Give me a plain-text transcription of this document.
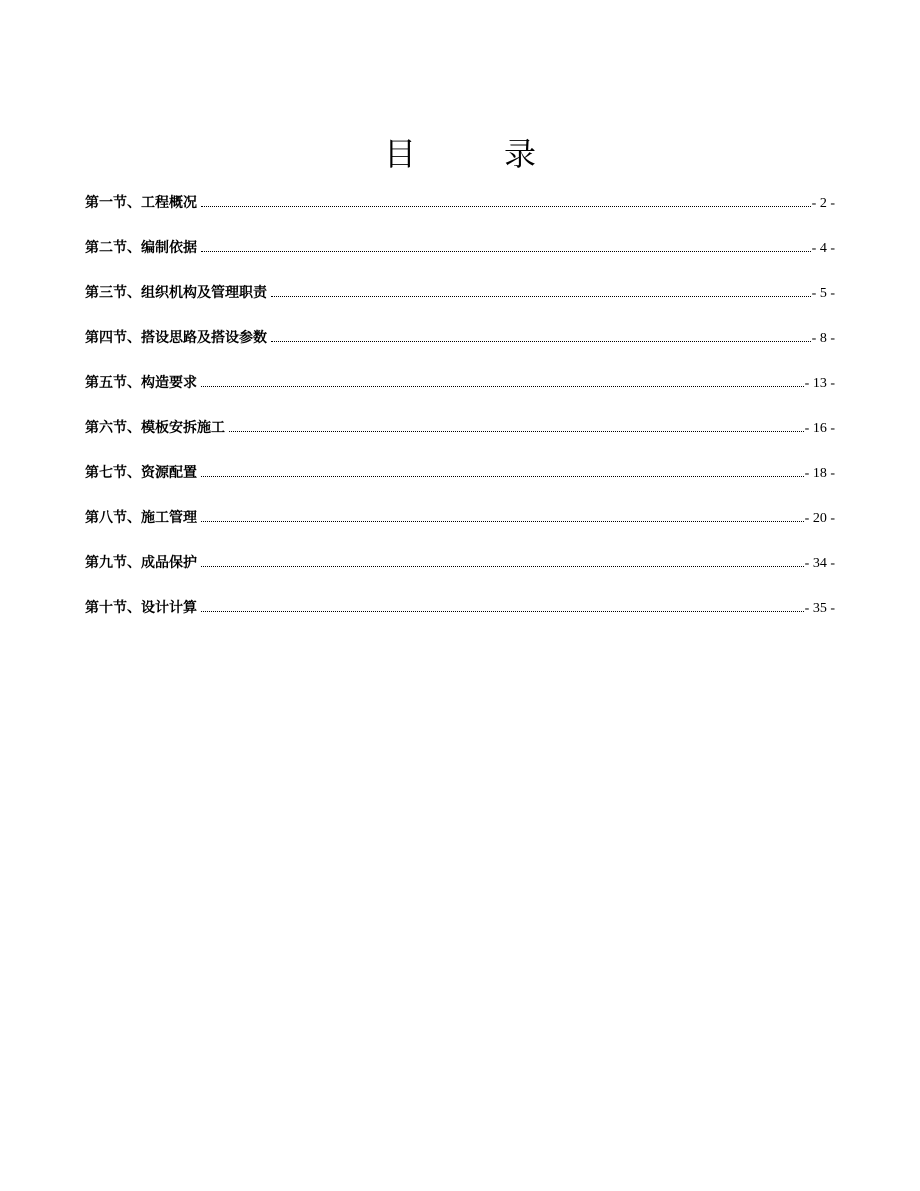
目	录
第一节、工程概况	- 2 -
第二节、编制依据	- 4 -
第三节、组织机构及管理职责	- 5 -
第四节、搭设思路及搭设参数	- 8 -
第五节、构造要求	- 13 -
第六节、模板安拆施工	- 16 -
第七节、资源配置	- 18 -
第八节、施工管理	- 20 -
第九节、成品保护	- 34 -
第十节、设计计算	- 35 -
